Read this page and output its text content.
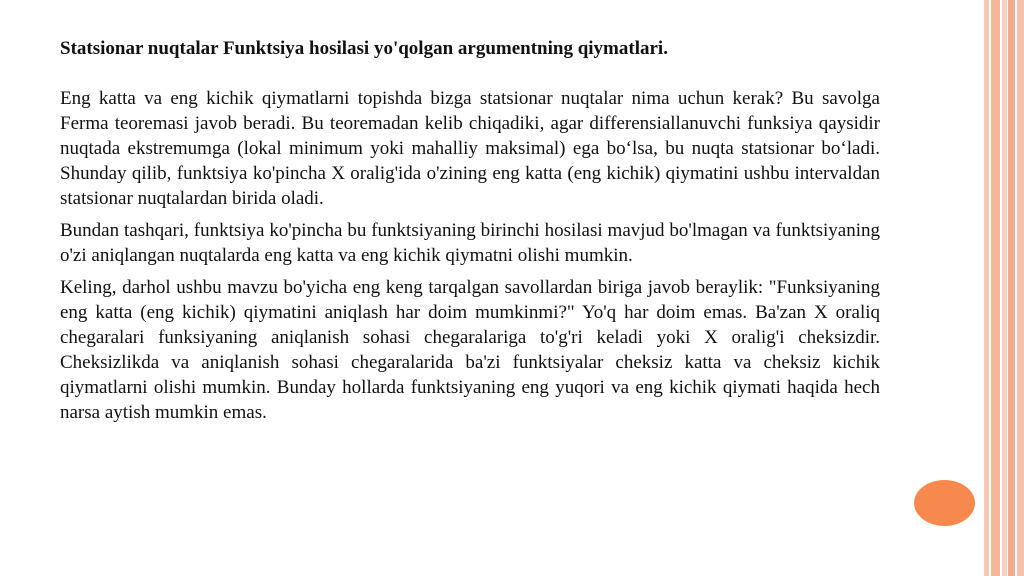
Statsionar nuqtalar Funktsiya hosilasi yo'qolgan argumentning qiymatlari.

Eng katta va eng kichik qiymatlarni topishda bizga statsionar nuqtalar nima uchun kerak? Bu savolga Ferma teoremasi javob beradi. Bu teoremadan kelib chiqadiki, agar differensiallanuvchi funksiya qaysidir nuqtada ekstremumga (lokal minimum yoki mahalliy maksimal) ega bo‘lsa, bu nuqta statsionar bo‘ladi. Shunday qilib, funktsiya ko'pincha X oralig'ida o'zining eng katta (eng kichik) qiymatini ushbu intervaldan statsionar nuqtalardan birida oladi.

Bundan tashqari, funktsiya ko'pincha bu funktsiyaning birinchi hosilasi mavjud bo'lmagan va funktsiyaning o'zi aniqlangan nuqtalarda eng katta va eng kichik qiymatni olishi mumkin.

Keling, darhol ushbu mavzu bo'yicha eng keng tarqalgan savollardan biriga javob beraylik: "Funksiyaning eng katta (eng kichik) qiymatini aniqlash har doim mumkinmi?" Yo'q har doim emas. Ba'zan X oraliq chegaralari funksiyaning aniqlanish sohasi chegaralariga to'g'ri keladi yoki X oralig'i cheksizdir. Cheksizlikda va aniqlanish sohasi chegaralarida ba'zi funktsiyalar cheksiz katta va cheksiz kichik qiymatlarni olishi mumkin. Bunday hollarda funktsiyaning eng yuqori va eng kichik qiymati haqida hech narsa aytish mumkin emas.
